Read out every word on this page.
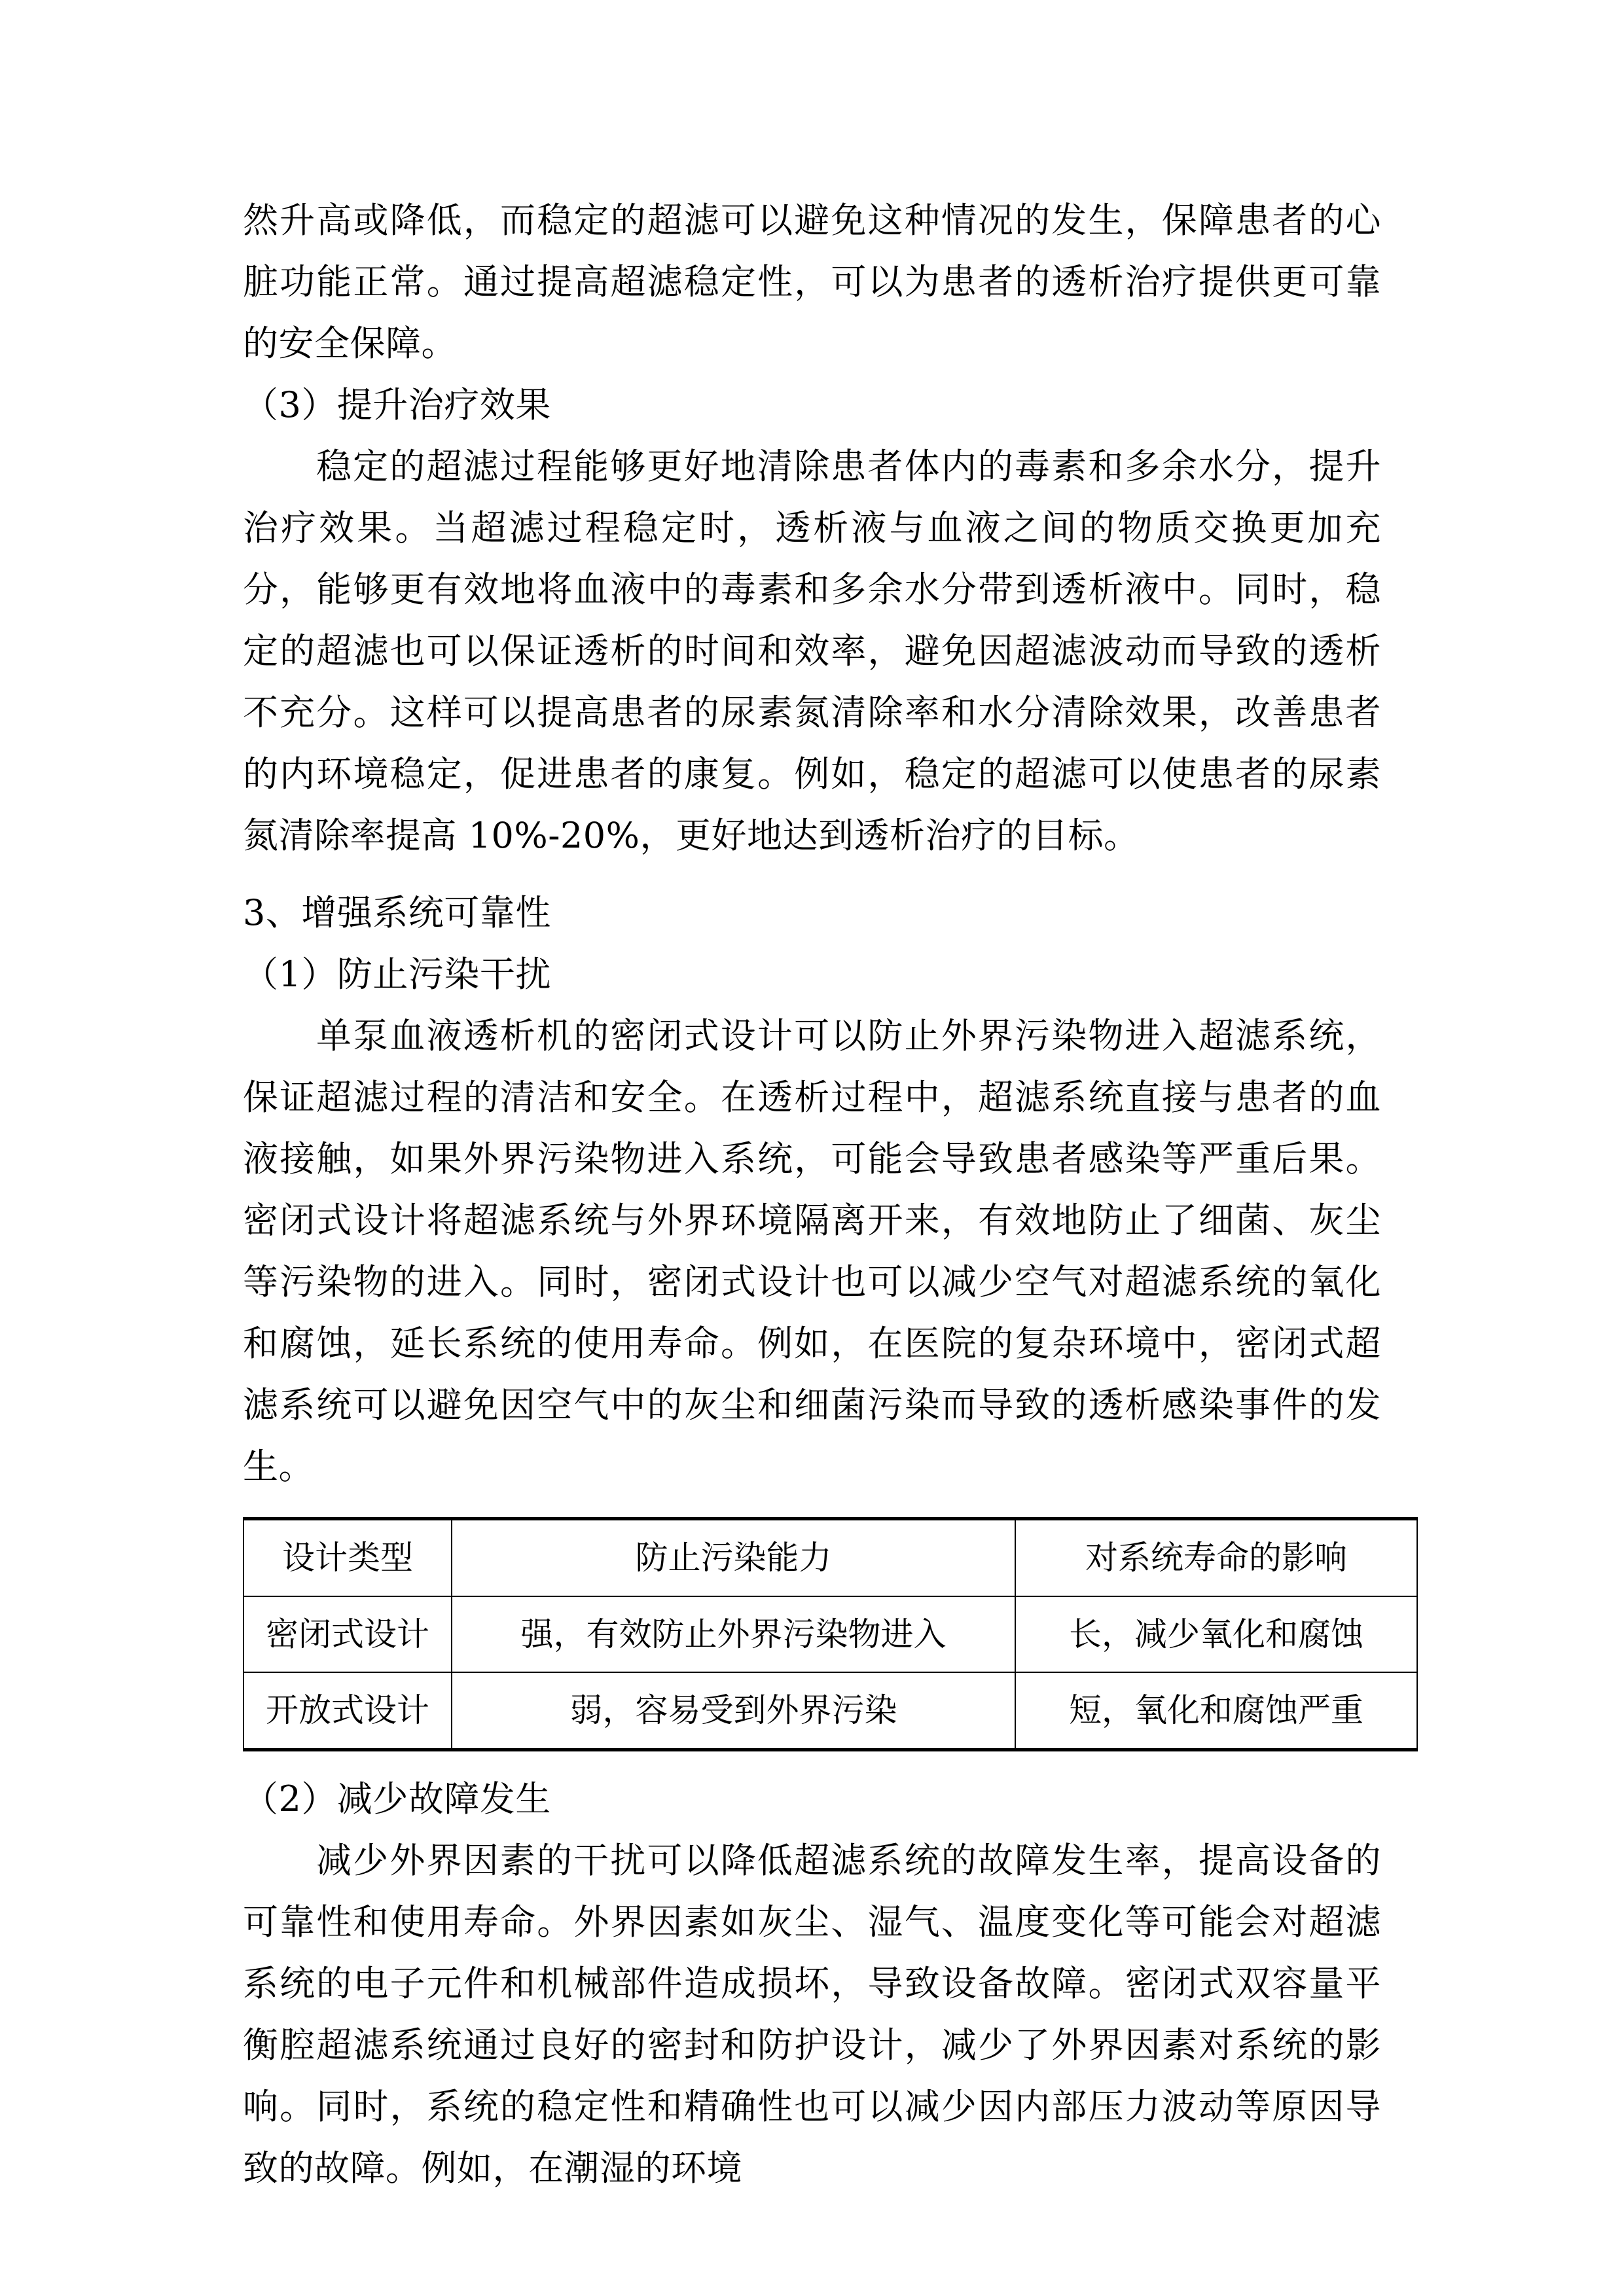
然升高或降低，而稳定的超滤可以避免这种情况的发生，保障患者的心脏功能正常。通过提高超滤稳定性，可以为患者的透析治疗提供更可靠的安全保障。

（3）提升治疗效果

稳定的超滤过程能够更好地清除患者体内的毒素和多余水分，提升治疗效果。当超滤过程稳定时，透析液与血液之间的物质交换更加充分，能够更有效地将血液中的毒素和多余水分带到透析液中。同时，稳定的超滤也可以保证透析的时间和效率，避免因超滤波动而导致的透析不充分。这样可以提高患者的尿素氮清除率和水分清除效果，改善患者的内环境稳定，促进患者的康复。例如，稳定的超滤可以使患者的尿素氮清除率提高 10%-20%，更好地达到透析治疗的目标。

3、增强系统可靠性

（1）防止污染干扰

单泵血液透析机的密闭式设计可以防止外界污染物进入超滤系统，保证超滤过程的清洁和安全。在透析过程中，超滤系统直接与患者的血液接触，如果外界污染物进入系统，可能会导致患者感染等严重后果。密闭式设计将超滤系统与外界环境隔离开来，有效地防止了细菌、灰尘等污染物的进入。同时，密闭式设计也可以减少空气对超滤系统的氧化和腐蚀，延长系统的使用寿命。例如，在医院的复杂环境中，密闭式超滤系统可以避免因空气中的灰尘和细菌污染而导致的透析感染事件的发生。

设计类型	防止污染能力	对系统寿命的影响
密闭式设计	强，有效防止外界污染物进入	长，减少氧化和腐蚀
开放式设计	弱，容易受到外界污染	短，氧化和腐蚀严重

（2）减少故障发生

减少外界因素的干扰可以降低超滤系统的故障发生率，提高设备的可靠性和使用寿命。外界因素如灰尘、湿气、温度变化等可能会对超滤系统的电子元件和机械部件造成损坏，导致设备故障。密闭式双容量平衡腔超滤系统通过良好的密封和防护设计，减少了外界因素对系统的影响。同时，系统的稳定性和精确性也可以减少因内部压力波动等原因导致的故障。例如，在潮湿的环境
